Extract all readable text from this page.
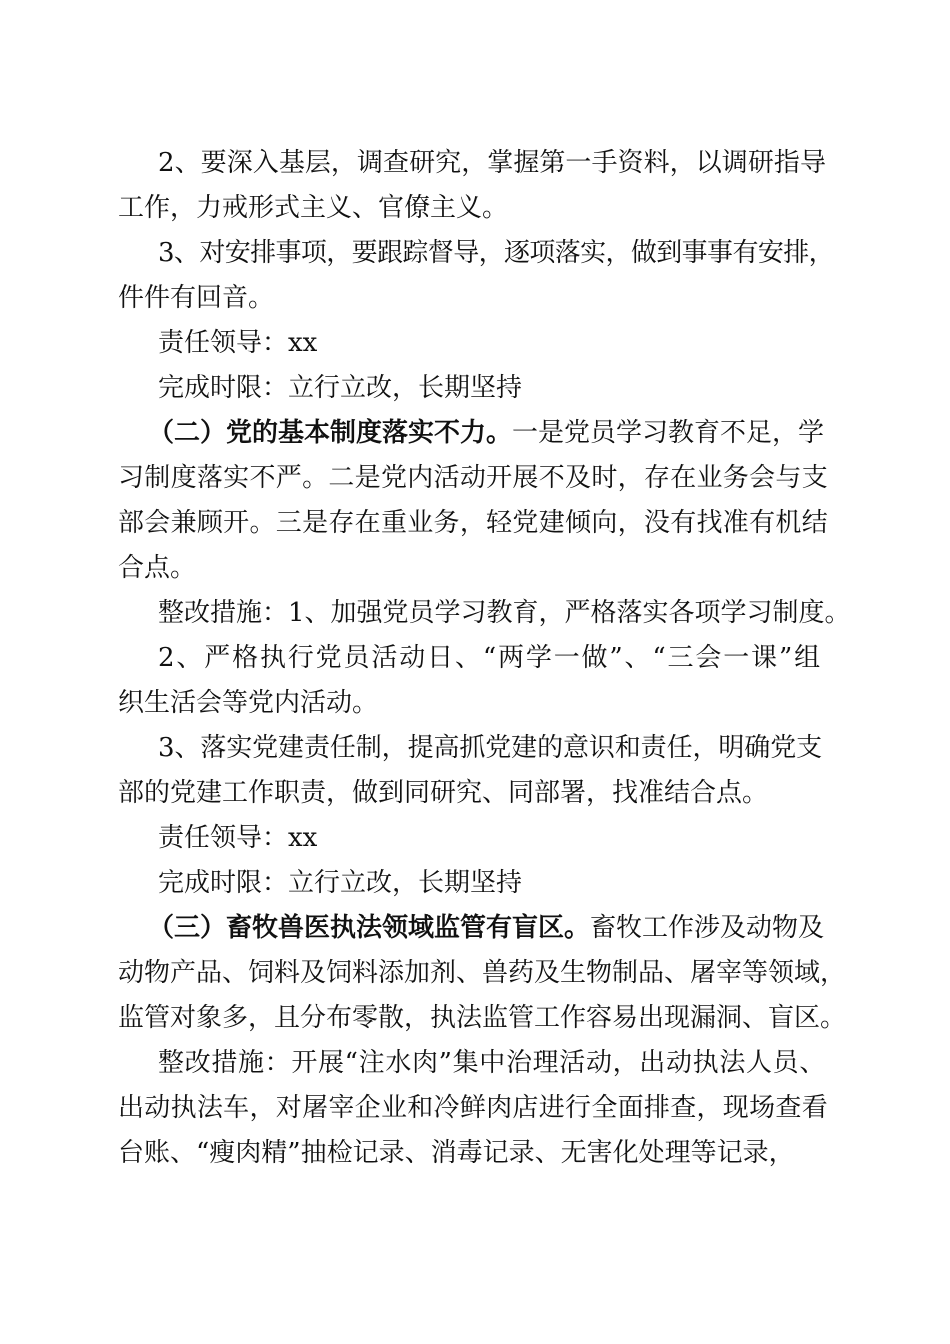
2、要深入基层，调查研究，掌握第一手资料，以调研指导
工作，力戒形式主义、官僚主义。
3、对安排事项，要跟踪督导，逐项落实，做到事事有安排，
件件有回音。
责任领导：xx
完成时限：立行立改，长期坚持
（二）党的基本制度落实不力。一是党员学习教育不足，学
习制度落实不严。二是党内活动开展不及时，存在业务会与支
部会兼顾开。三是存在重业务，轻党建倾向，没有找准有机结
合点。
整改措施：1、加强党员学习教育，严格落实各项学习制度。
2、严格执行党员活动日、“两学一做”、“三会一课”组
织生活会等党内活动。
3、落实党建责任制，提高抓党建的意识和责任，明确党支
部的党建工作职责，做到同研究、同部署，找准结合点。
责任领导：xx
完成时限：立行立改，长期坚持
（三）畜牧兽医执法领域监管有盲区。畜牧工作涉及动物及
动物产品、饲料及饲料添加剂、兽药及生物制品、屠宰等领域，
监管对象多，且分布零散，执法监管工作容易出现漏洞、盲区。
整改措施：开展“注水肉”集中治理活动，出动执法人员、
出动执法车，对屠宰企业和冷鲜肉店进行全面排查，现场查看
台账、“瘦肉精”抽检记录、消毒记录、无害化处理等记录，
